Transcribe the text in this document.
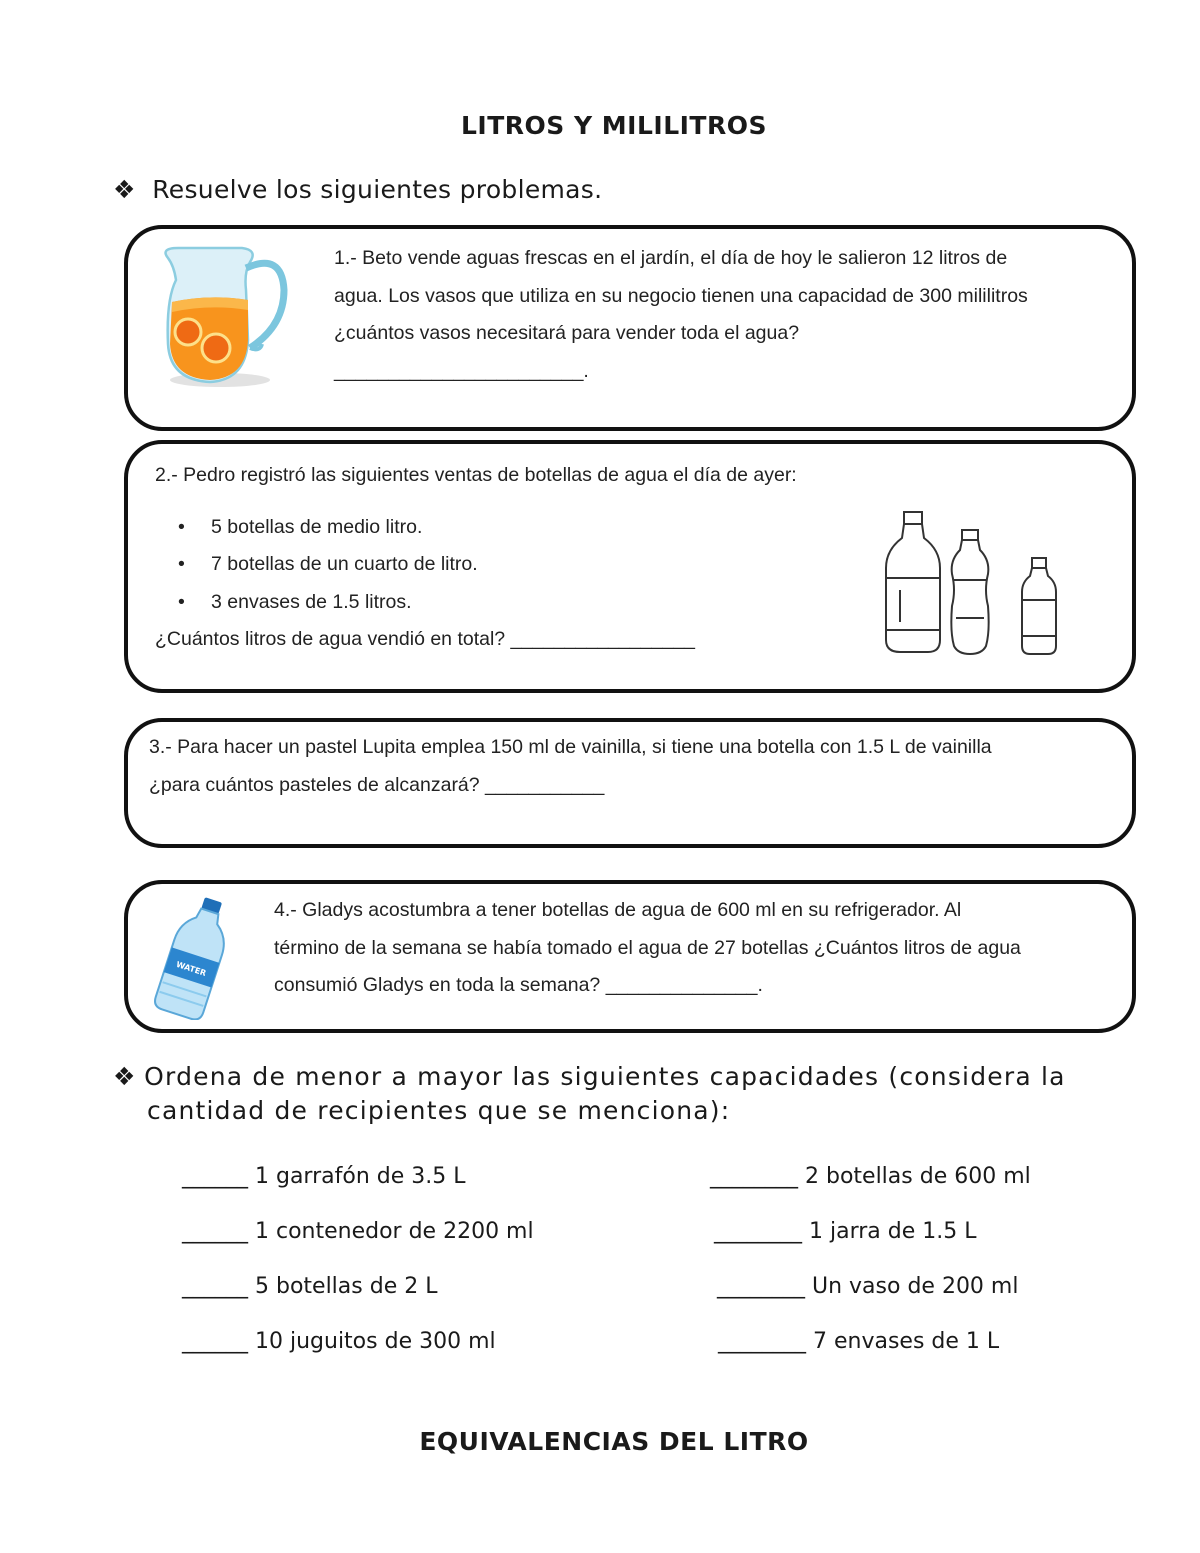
LITROS Y MILILITROS
❖ Resuelve los siguientes problemas.
1.- Beto vende aguas frescas en el jardín, el día de hoy le salieron 12 litros de
agua. Los vasos que utiliza en su negocio tienen una capacidad de 300 mililitros
¿cuántos vasos necesitará para vender toda el agua?
_______________________.
2.- Pedro registró las siguientes ventas de botellas de agua el día de ayer:
• 5 botellas de medio litro.
• 7 botellas de un cuarto de litro.
• 3 envases de 1.5 litros.
¿Cuántos litros de agua vendió en total? _________________
3.- Para hacer un pastel Lupita emplea 150 ml de vainilla, si tiene una botella con 1.5 L de vainilla
¿para cuántos pasteles de alcanzará? ___________
WATER
4.- Gladys acostumbra a tener botellas de agua de 600 ml en su refrigerador. Al
término de la semana se había tomado el agua de 27 botellas ¿Cuántos litros de agua
consumió Gladys en toda la semana? ______________.
❖ Ordena de menor a mayor las siguientes capacidades (considera la
cantidad de recipientes que se menciona):
______ 1 garrafón de 3.5 L
______ 1 contenedor de 2200 ml
______ 5 botellas de 2 L
______ 10 juguitos de 300 ml
________ 2 botellas de 600 ml
________ 1 jarra de 1.5 L
________ Un vaso de 200 ml
________ 7 envases de 1 L
EQUIVALENCIAS DEL LITRO
